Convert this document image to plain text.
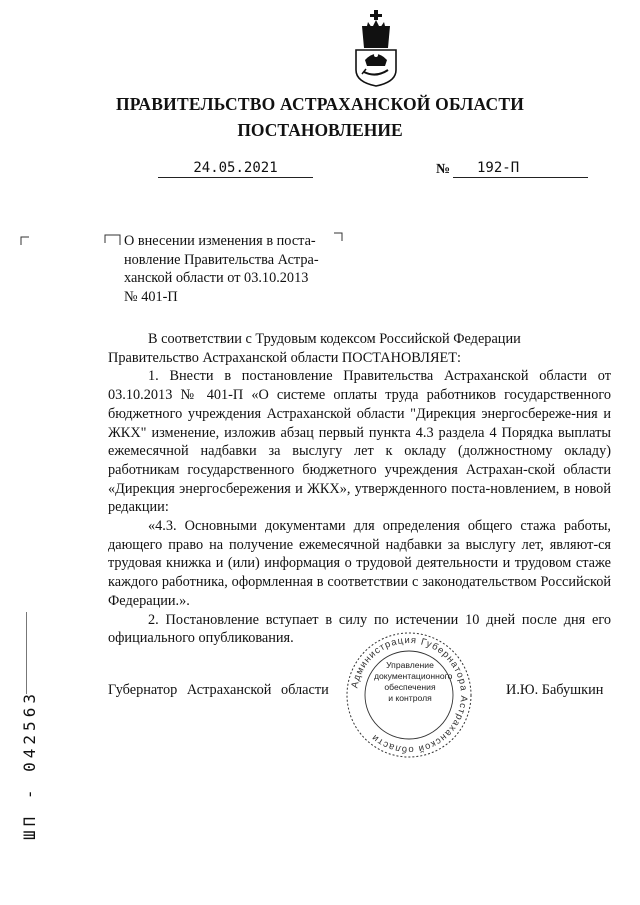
ПРАВИТЕЛЬСТВО АСТРАХАНСКОЙ ОБЛАСТИ
ПОСТАНОВЛЕНИЕ
24.05.2021	№	192-П
О внесении изменения в поста-
новление Правительства Астра-
ханской области от 03.10.2013
№ 401-П

В соответствии с Трудовым кодексом Российской Федерации

Правительство Астраханской области ПОСТАНОВЛЯЕТ:

1. Внести в постановление Правительства Астраханской области от 03.10.2013 № 401-П «О системе оплаты труда работников государственного бюджетного учреждения Астраханской области "Дирекция энергосбереже-ния и ЖКХ" изменение, изложив абзац первый пункта 4.3 раздела 4 Порядка выплаты ежемесячной надбавки за выслугу лет к окладу (должностному окладу) работникам государственного бюджетного учреждения Астрахан-ской области «Дирекция энергосбережения и ЖКХ», утвержденного поста-новлением, в новой редакции:

«4.3. Основными документами для определения общего стажа работы, дающего право на получение ежемесячной надбавки за выслугу лет, являют-ся трудовая книжка и (или) информация о трудовой деятельности и трудовом стаже каждого работника, оформленная в соответствии с законодательством Российской Федерации.».

2. Постановление вступает в силу по истечении 10 дней после дня его официального опубликования.

Администрация Губернатора Астраханской области
Управление
документационного
обеспечения
и контроля
Губернатор Астраханской области	И.Ю. Бабушкин
ШП - 042563
